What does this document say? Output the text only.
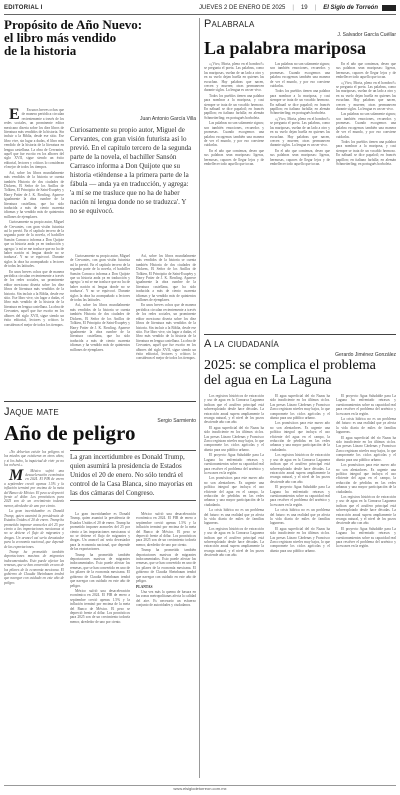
EDITORIAL I	JUEVES 2 DE ENERO DE 2025 | 19 | El Siglo de Torreón
Propósito de Año Nuevo:
el libro más vendido
de la historia
Juan Antonio García Villa

E En unos breves ochos que de manera periódica circulan recientemente a través de los redes sociales, un prominente editor mexicano diserta sobre los diez libros de literatura más vendidos de la historia. Sin incluir a la Biblia, desde ese sitio. Ese libro vive, sin lugar a dudas, el libro más vendido de la historia de la literatura en lengua castellana. La obra de Cervantes, aquél que fue escrito en los albores del siglo XVII, sigue siendo un éxito editorial, lectores y críticos lo consideran el mejor de todos los tiempos.

Así, sobre los libros mundialmente más vendidos de la historia se cuenta también Historia de dos ciudades de Dickens, El Señor de los Anillos de Tolkien, El Principito de Saint-Exupéry y Harry Potter de J. K. Rowling. Aparece igualmente la obra cumbre de la literatura castellana, que ha sido traducida a más de ciento cuarenta idiomas y ha vendido más de quinientos millones de ejemplares.

Curiosamente su propio autor, Miguel de Cervantes, con gran visión futurista así lo previó. En el capítulo tercero de la segunda parte de la novela, el bachiller Sansón Carrasco informa a Don Quijote que su historia anda ya en traducción y agrega: 'a mí se me trasluce que no ha de haber nación ni lengua donde no se traduzca'. Y no se equivocó. Durante siglos la obra ha acompañado a lectores de todas las latitudes.

En unos breves ochos que de manera periódica circulan recientemente a través de los redes sociales, un prominente editor mexicano diserta sobre los diez libros de literatura más vendidos de la historia. Sin incluir a la Biblia, desde ese sitio. Ese libro vive, sin lugar a dudas, el libro más vendido de la historia de la literatura en lengua castellana. La obra de Cervantes, aquél que fue escrito en los albores del siglo XVII, sigue siendo un éxito editorial, lectores y críticos lo consideran el mejor de todos los tiempos.

Curiosamente su propio autor, Miguel de Cervantes, con gran visión futurista así lo previó. En el capítulo tercero de la segunda parte de la novela, el bachiller Sansón Carrasco informa a Don Quijote que su historia «tiéndense a la primera parte de la fábula — anda ya en traducción, y agrega: 'a mí se me trasluce que no ha de haber nación ni lengua donde no se traduzca'. Y no se equivocó.

Curiosamente su propio autor, Miguel de Cervantes, con gran visión futurista así lo previó. En el capítulo tercero de la segunda parte de la novela, el bachiller Sansón Carrasco informa a Don Quijote que su historia anda ya en traducción y agrega: 'a mí se me trasluce que no ha de haber nación ni lengua donde no se traduzca'. Y no se equivocó. Durante siglos la obra ha acompañado a lectores de todas las latitudes.

Así, sobre los libros mundialmente más vendidos de la historia se cuenta también Historia de dos ciudades de Dickens, El Señor de los Anillos de Tolkien, El Principito de Saint-Exupéry y Harry Potter de J. K. Rowling. Aparece igualmente la obra cumbre de la literatura castellana, que ha sido traducida a más de ciento cuarenta idiomas y ha vendido más de quinientos millones de ejemplares.

Así, sobre los libros mundialmente más vendidos de la historia se cuenta también Historia de dos ciudades de Dickens, El Señor de los Anillos de Tolkien, El Principito de Saint-Exupéry y Harry Potter de J. K. Rowling. Aparece igualmente la obra cumbre de la literatura castellana, que ha sido traducida a más de ciento cuarenta idiomas y ha vendido más de quinientos millones de ejemplares.

En unos breves ochos que de manera periódica circulan recientemente a través de los redes sociales, un prominente editor mexicano diserta sobre los diez libros de literatura más vendidos de la historia. Sin incluir a la Biblia, desde ese sitio. Ese libro vive, sin lugar a dudas, el libro más vendido de la historia de la literatura en lengua castellana. La obra de Cervantes, aquél que fue escrito en los albores del siglo XVII, sigue siendo un éxito editorial, lectores y críticos lo consideran el mejor de todos los tiempos.

Jaque mate
Sergio Sarmiento
Año de peligro

«No deberían existir los peligros ni los miedos que existieron en otros años; y si los hubo, la inquietud de vivir ya no los volverá.»

M México sufrió una desaceleración económica en 2024. El PIB de enero a septiembre creció apenas 1.5% y la inflación terminó por encima de la meta del Banco de México. El peso se depreció frente al dólar. Los pronósticos para 2025 son de un crecimiento todavía menor, alrededor de uno por ciento.

La gran incertidumbre es Donald Trump, quien asumirá la presidencia de Estados Unidos el 20 de enero. Trump ha prometido imponer aranceles del 25 por ciento a las importaciones mexicanas si no se detiene el flujo de migrantes y drogas. Un arancel así sería devastador para la economía nacional, que depende de las exportaciones.

Trump ha prometido también deportaciones masivas de migrantes indocumentados. Esto puede afectar las remesas, que se han convertido en uno de los pilares de la economía mexicana. El gobierno de Claudia Sheinbaum tendrá que navegar con cuidado en este año de peligro.

La gran incertidumbre es Donald Trump, quien asumirá la presidencia de Estados Unidos el 20 de enero. No sólo tendrá el control de la Casa Blanca, sino mayorías en las dos cámaras del Congreso.

La gran incertidumbre es Donald Trump, quien asumirá la presidencia de Estados Unidos el 20 de enero. Trump ha prometido imponer aranceles del 25 por ciento a las importaciones mexicanas si no se detiene el flujo de migrantes y drogas. Un arancel así sería devastador para la economía nacional, que depende de las exportaciones.

Trump ha prometido también deportaciones masivas de migrantes indocumentados. Esto puede afectar las remesas, que se han convertido en uno de los pilares de la economía mexicana. El gobierno de Claudia Sheinbaum tendrá que navegar con cuidado en este año de peligro.

México sufrió una desaceleración económica en 2024. El PIB de enero a septiembre creció apenas 1.5% y la inflación terminó por encima de la meta del Banco de México. El peso se depreció frente al dólar. Los pronósticos para 2025 son de un crecimiento todavía menor, alrededor de uno por ciento.

México sufrió una desaceleración económica en 2024. El PIB de enero a septiembre creció apenas 1.5% y la inflación terminó por encima de la meta del Banco de México. El peso se depreció frente al dólar. Los pronósticos para 2025 son de un crecimiento todavía menor, alrededor de uno por ciento.

Trump ha prometido también deportaciones masivas de migrantes indocumentados. Esto puede afectar las remesas, que se han convertido en uno de los pilares de la economía mexicana. El gobierno de Claudia Sheinbaum tendrá que navegar con cuidado en este año de peligro.

PLANTAS

Una vez más la quema de basura en las zonas metropolitanas afecta la calidad del aire. Es necesario un esfuerzo conjunto de autoridades y ciudadanos.

Palabrala
J. Salvador García Cuéllar
La palabra mariposa

«¿Vivo, Morta, pleno en el hombro?» se pregunta el poeta. Las palabras, como las mariposas, vuelan de un lado a otro y en su vuelo dejan huella en quienes las escuchan. Hay palabras que nacen, crecen y mueren; otras permanecen durante siglos. La lengua es un ser vivo.

Todos los pueblos tienen una palabra para nombrar a la mariposa, y casi siempre se trata de un vocablo hermoso. En náhuatl se dice papalotl; en francés papillon; en italiano farfalla; en alemán Schmetterling; en portugués borboleta.

Las palabras no son solamente signos; son también emociones, recuerdos y promesas. Cuando escogemos una palabra escogemos también una manera de ver el mundo, y por eso conviene cuidarlas.

En el año que comienza, deseo que sus palabras sean mariposas: ligeras, hermosas, capaces de llegar lejos y de embellecer todo aquello que tocan.

Las palabras no son solamente signos; son también emociones, recuerdos y promesas. Cuando escogemos una palabra escogemos también una manera de ver el mundo, y por eso conviene cuidarlas.

Todos los pueblos tienen una palabra para nombrar a la mariposa, y casi siempre se trata de un vocablo hermoso. En náhuatl se dice papalotl; en francés papillon; en italiano farfalla; en alemán Schmetterling; en portugués borboleta.

«¿Vivo, Morta, pleno en el hombro?» se pregunta el poeta. Las palabras, como las mariposas, vuelan de un lado a otro y en su vuelo dejan huella en quienes las escuchan. Hay palabras que nacen, crecen y mueren; otras permanecen durante siglos. La lengua es un ser vivo.

En el año que comienza, deseo que sus palabras sean mariposas: ligeras, hermosas, capaces de llegar lejos y de embellecer todo aquello que tocan.

En el año que comienza, deseo que sus palabras sean mariposas: ligeras, hermosas, capaces de llegar lejos y de embellecer todo aquello que tocan.

«¿Vivo, Morta, pleno en el hombro?» se pregunta el poeta. Las palabras, como las mariposas, vuelan de un lado a otro y en su vuelo dejan huella en quienes las escuchan. Hay palabras que nacen, crecen y mueren; otras permanecen durante siglos. La lengua es un ser vivo.

Las palabras no son solamente signos; son también emociones, recuerdos y promesas. Cuando escogemos una palabra escogemos también una manera de ver el mundo, y por eso conviene cuidarlas.

Todos los pueblos tienen una palabra para nombrar a la mariposa, y casi siempre se trata de un vocablo hermoso. En náhuatl se dice papalotl; en francés papillon; en italiano farfalla; en alemán Schmetterling; en portugués borboleta.

A la ciudadanía
Gerardo Jiménez González
2025: se complica el problema del agua en La Laguna

Los registros históricos de extracción y uso de agua en la Comarca Lagunera indican que el acuífero principal está sobreexplotado desde hace décadas. La extracción anual supera ampliamente la recarga natural, y el nivel de los pozos desciende año con año.

El agua superficial del río Nazas ha sido insuficiente en los últimos ciclos. Las presas Lázaro Cárdenas y Francisco Zarco registran niveles muy bajos, lo que compromete los ciclos agrícolas y el abasto para uso público urbano.

El proyecto Agua Saludable para La Laguna ha enfrentado retrasos y cuestionamientos sobre su capacidad real para resolver el problema del arsénico y la escasez en la región.

Los pronósticos para este nuevo año no son alentadores. Es urgente una política integral que incluya el uso eficiente del agua en el campo, la reducción de pérdidas en las redes urbanas y una mayor participación de la ciudadanía.

La crisis hídrica no es un problema del futuro: es una realidad que ya afecta la vida diaria de miles de familias laguneras.

Los registros históricos de extracción y uso de agua en la Comarca Lagunera indican que el acuífero principal está sobreexplotado desde hace décadas. La extracción anual supera ampliamente la recarga natural, y el nivel de los pozos desciende año con año.

El agua superficial del río Nazas ha sido insuficiente en los últimos ciclos. Las presas Lázaro Cárdenas y Francisco Zarco registran niveles muy bajos, lo que compromete los ciclos agrícolas y el abasto para uso público urbano.

Los pronósticos para este nuevo año no son alentadores. Es urgente una política integral que incluya el uso eficiente del agua en el campo, la reducción de pérdidas en las redes urbanas y una mayor participación de la ciudadanía.

Los registros históricos de extracción y uso de agua en la Comarca Lagunera indican que el acuífero principal está sobreexplotado desde hace décadas. La extracción anual supera ampliamente la recarga natural, y el nivel de los pozos desciende año con año.

El proyecto Agua Saludable para La Laguna ha enfrentado retrasos y cuestionamientos sobre su capacidad real para resolver el problema del arsénico y la escasez en la región.

La crisis hídrica no es un problema del futuro: es una realidad que ya afecta la vida diaria de miles de familias laguneras.

El agua superficial del río Nazas ha sido insuficiente en los últimos ciclos. Las presas Lázaro Cárdenas y Francisco Zarco registran niveles muy bajos, lo que compromete los ciclos agrícolas y el abasto para uso público urbano.

El proyecto Agua Saludable para La Laguna ha enfrentado retrasos y cuestionamientos sobre su capacidad real para resolver el problema del arsénico y la escasez en la región.

La crisis hídrica no es un problema del futuro: es una realidad que ya afecta la vida diaria de miles de familias laguneras.

El agua superficial del río Nazas ha sido insuficiente en los últimos ciclos. Las presas Lázaro Cárdenas y Francisco Zarco registran niveles muy bajos, lo que compromete los ciclos agrícolas y el abasto para uso público urbano.

Los pronósticos para este nuevo año no son alentadores. Es urgente una política integral que incluya el uso eficiente del agua en el campo, la reducción de pérdidas en las redes urbanas y una mayor participación de la ciudadanía.

Los registros históricos de extracción y uso de agua en la Comarca Lagunera indican que el acuífero principal está sobreexplotado desde hace décadas. La extracción anual supera ampliamente la recarga natural, y el nivel de los pozos desciende año con año.

El proyecto Agua Saludable para La Laguna ha enfrentado retrasos y cuestionamientos sobre su capacidad real para resolver el problema del arsénico y la escasez en la región.

www.elsiglodetorreon.com.mx
